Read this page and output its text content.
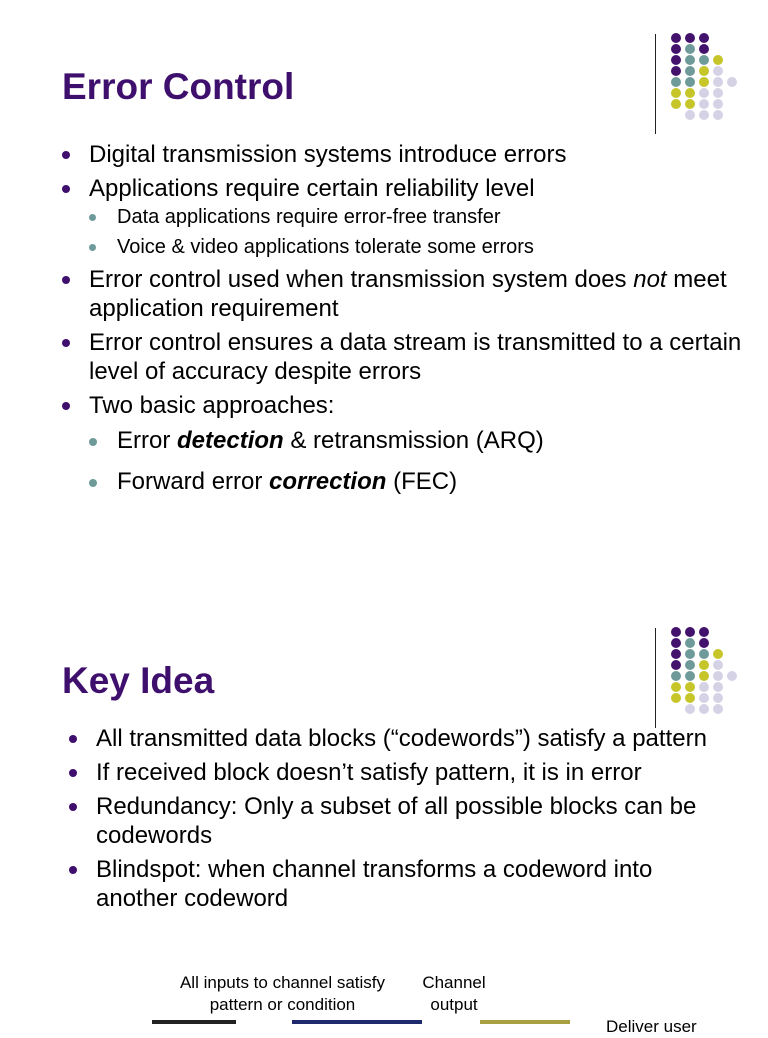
Error Control
Digital transmission systems introduce errors
Applications require certain reliability level
Data applications require error-free transfer
Voice & video applications tolerate some errors
Error control used when transmission system does not meet application requirement
Error control ensures a data stream is transmitted to a certain level of accuracy despite errors
Two basic approaches:
Error detection & retransmission (ARQ)
Forward error correction (FEC)
Key Idea
All transmitted data blocks (“codewords”) satisfy a pattern
If received block doesn’t satisfy pattern, it is in error
Redundancy: Only a subset of all possible blocks can be codewords
Blindspot: when channel transforms a codeword into another codeword
All inputs to channel satisfy pattern or condition
Channel output
Deliver user
